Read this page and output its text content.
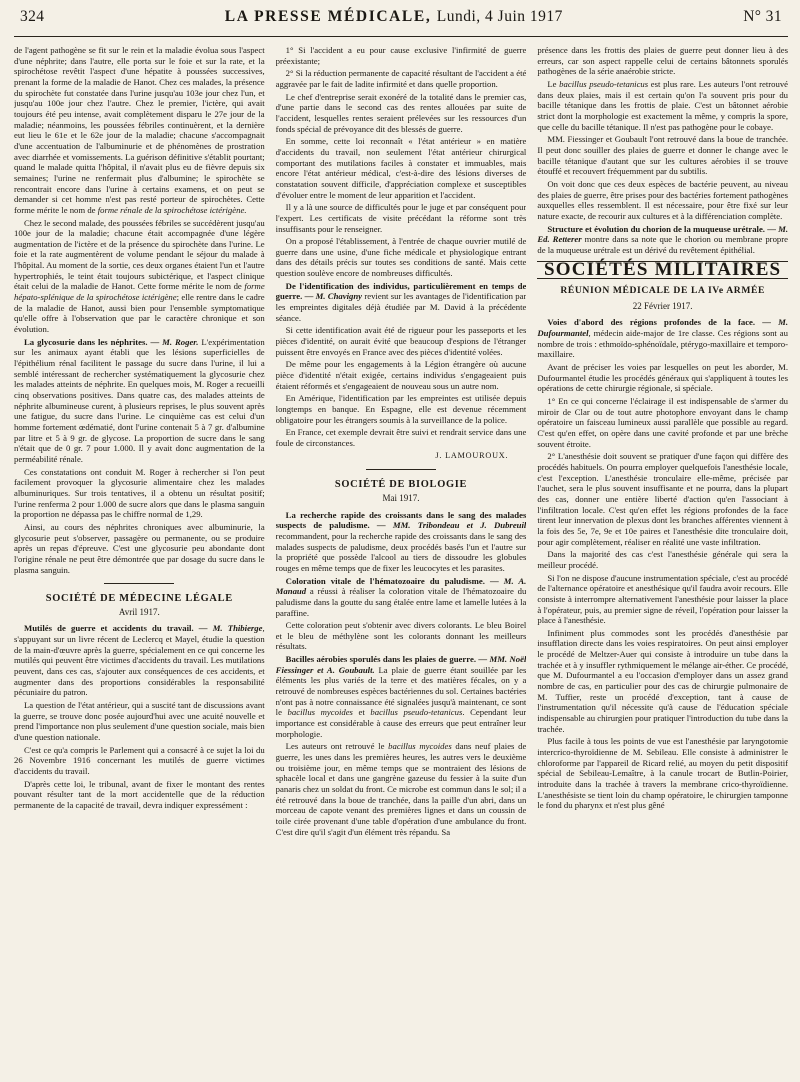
324	LA PRESSE MÉDICALE, Lundi, 4 Juin 1917	N° 31

de l'agent pathogène se fit sur le rein et la maladie évolua sous l'aspect d'une néphrite; dans l'autre, elle porta sur le foie et sur la rate, et la spirochétose revêtit l'aspect d'une hépatite à poussées successives, prenant la forme de la maladie de Hanot. Chez ces malades, la présence du spirochète fut constatée dans l'urine jusqu'au 103e jour chez l'un, et jusqu'au 100e jour chez l'autre. Chez le premier, l'ictère, qui avait toujours été peu intense, avait complètement disparu le 27e jour de la maladie; néanmoins, les poussées fébriles continuèrent, et la dernière eut lieu le 61e et le 62e jour de la maladie; chacune s'accompagnait d'une accentuation de l'albuminurie et de phénomènes de prostration avec diarrhée et vomissements. La guérison définitive s'établit pourtant; quand le malade quitta l'hôpital, il n'avait plus eu de fièvre depuis six semaines; l'urine ne renfermait plus d'albumine; le spirochète se rencontrait encore dans l'urine à certains examens, et on peut se demander si cet homme n'est pas resté porteur de spirochètes. Cette forme mérite le nom de forme rénale de la spirochétose ictérigène.

Chez le second malade, des poussées fébriles se succédèrent jusqu'au 100e jour de la maladie; chacune était accompagnée d'une légère augmentation de l'ictère et de la présence du spirochète dans l'urine. Le foie et la rate augmentèrent de volume pendant le séjour du malade à l'hôpital. Au moment de la sortie, ces deux organes étaient l'un et l'autre hypertrophiés, le teint était toujours subictérique, et l'aspect clinique était celui de la maladie de Hanot. Cette forme mérite le nom de forme hépato-splénique de la spirochétose ictérigène; elle rentre dans le cadre de la maladie de Hanot, aussi bien pour l'ensemble symptomatique qu'elle offre à l'observation que par le caractère chronique et son évolution.

La glycosurie dans les néphrites. — M. Roger. L'expérimentation sur les animaux ayant établi que les lésions superficielles de l'épithélium rénal facilitent le passage du sucre dans l'urine, il lui a semblé intéressant de rechercher systématiquement la glycosurie chez les malades atteints de néphrite. En quelques mois, M. Roger a recueilli cinq observations positives. Dans quatre cas, des malades atteints de néphrite albumineuse curent, à plusieurs reprises, le plus souvent après une fatigue, du sucre dans l'urine. Le cinquième cas est celui d'un homme fortement œdématié, dont l'urine contenait 5 à 7 gr. d'albumine par litre et 5 à 9 gr. de glycose. La proportion de sucre dans le sang n'était que de 0 gr. 7 pour 1.000. Il y avait donc augmentation de la perméabilité rénale.

Ces constatations ont conduit M. Roger à rechercher si l'on peut facilement provoquer la glycosurie alimentaire chez les malades albuminuriques. Sur trois tentatives, il a obtenu un résultat positif; l'urine renferma 2 pour 1.000 de sucre alors que dans le plasma sanguin la proportion ne dépassa pas le chiffre normal de 1,29.

Ainsi, au cours des néphrites chroniques avec albuminurie, la glycosurie peut s'observer, passagère ou permanente, ou se produire après un repas d'épreuve. C'est une glycosurie peu abondante dont l'origine rénale ne peut être démontrée que par dosage du sucre dans le plasma sanguin.

SOCIÉTÉ DE MÉDECINE LÉGALE
Avril 1917.

Mutilés de guerre et accidents du travail. — M. Thibierge, s'appuyant sur un livre récent de Leclercq et Mayel, étudie la question de la main-d'œuvre après la guerre, spécialement en ce qui concerne les mutilés qui peuvent être victimes d'accidents du travail. Les mutilations peuvent, dans ces cas, s'ajouter aux conséquences de ces accidents, et augmenter dans des proportions considérables la responsabilité pécuniaire du patron.

La question de l'état antérieur, qui a suscité tant de discussions avant la guerre, se trouve donc posée aujourd'hui avec une acuité nouvelle et prend l'importance non plus seulement d'une question sociale, mais bien d'une question nationale.

C'est ce qu'a compris le Parlement qui a consacré à ce sujet la loi du 26 Novembre 1916 concernant les mutilés de guerre victimes d'accidents du travail.

D'après cette loi, le tribunal, avant de fixer le montant des rentes pouvant résulter tant de la mort accidentelle que de la réduction permanente de la capacité de travail, devra indiquer expressément :

1° Si l'accident a eu pour cause exclusive l'infirmité de guerre préexistante;

2° Si la réduction permanente de capacité résultant de l'accident a été aggravée par le fait de ladite infirmité et dans quelle proportion.

Le chef d'entreprise serait exonéré de la totalité dans le premier cas, d'une partie dans le second cas des rentes allouées par suite de l'accident, lesquelles rentes seraient prélevées sur les ressources d'un fonds spécial de prévoyance dit des blessés de guerre.

En somme, cette loi reconnaît « l'état antérieur » en matière d'accidents du travail, non seulement l'état antérieur chirurgical comportant des mutilations faciles à constater et immuables, mais encore l'état antérieur médical, c'est-à-dire des lésions diverses de constatation souvent difficile, d'appréciation complexe et susceptibles d'évoluer entre le moment de leur apparition et l'accident.

Il y a là une source de difficultés pour le juge et par conséquent pour l'expert. Les certificats de visite précédant la réforme sont très insuffisants pour le renseigner.

On a proposé l'établissement, à l'entrée de chaque ouvrier mutilé de guerre dans une usine, d'une fiche médicale et physiologique entrant dans des détails précis sur toutes ses conditions de santé. Mais cette question soulève encore de nombreuses difficultés.

De l'identification des individus, particulièrement en temps de guerre. — M. Chavigny revient sur les avantages de l'identification par les empreintes digitales déjà étudiée par M. David à la précédente séance.

Si cette identification avait été de rigueur pour les passeports et les pièces d'identité, on aurait évité que beaucoup d'espions de l'étranger puissent être envoyés en France avec des pièces d'identité volées.

De même pour les engagements à la Légion étrangère où aucune pièce d'identité n'était exigée, certains individus s'engageaient puis étaient réformés et s'engageaient de nouveau sous un autre nom.

En Amérique, l'identification par les empreintes est utilisée depuis longtemps en banque. En Espagne, elle est devenue récemment obligatoire pour les étrangers soumis à la surveillance de la police.

En France, cet exemple devrait être suivi et rendrait service dans une foule de circonstances.

J. LAMOUROUX.
SOCIÉTÉ DE BIOLOGIE
Mai 1917.

La recherche rapide des croissants dans le sang des malades suspects de paludisme. — MM. Tribondeau et J. Dubreuil recommandent, pour la recherche rapide des croissants dans le sang des malades suspects de paludisme, deux procédés basés l'un et l'autre sur la propriété que possède l'alcool au tiers de dissoudre les globules rouges en même temps que de fixer les leucocytes et les parasites.

Coloration vitale de l'hématozoaire du paludisme. — M. A. Manaud a réussi à réaliser la coloration vitale de l'hématozoaire du paludisme dans la goutte du sang étalée entre lame et lamelle lutées à la paraffine.

Cette coloration peut s'obtenir avec divers colorants. Le bleu Boirel et le bleu de méthylène sont les colorants donnant les meilleurs résultats.

Bacilles aérobies sporulés dans les plaies de guerre. — MM. Noël Fiessinger et A. Goubault. La plaie de guerre étant souillée par les éléments les plus variés de la terre et des matières fécales, on y a retrouvé de nombreuses espèces bactériennes du sol. Certaines bactéries n'ont pas à notre connaissance été signalées jusqu'à maintenant, ce sont le bacillus mycoides et bacillus pseudo-tetanicus. Cependant leur importance est considérable à cause des erreurs que peut entraîner leur morphologie.

Les auteurs ont retrouvé le bacillus mycoides dans neuf plaies de guerre, les unes dans les premières heures, les autres vers le deuxième ou troisième jour, en même temps que se montraient des lésions de sphacèle local et dans une gangrène gazeuse du fessier à la suite d'un panaris chez un soldat du front. Ce microbe est commun dans le sol; il a été retrouvé dans la boue de tranchée, dans la paille d'un abri, dans un morceau de capote venant des premières lignes et dans un coussin de toile cirée provenant d'une table d'opération d'une ambulance du front. C'est dire qu'il s'agit d'un élément très répandu. Sa

présence dans les frottis des plaies de guerre peut donner lieu à des erreurs, car son aspect rappelle celui de certains bâtonnets sporulés pathogènes de la série anaérobie stricte.

Le bacillus pseudo-tetanicus est plus rare. Les auteurs l'ont retrouvé dans deux plaies, mais il est certain qu'on l'a souvent pris pour du bacille tétanique dans les frottis de plaie. C'est un bâtonnet aérobie strict dont la morphologie est exactement la même, y compris la spore, que celle du bacille tétanique. Il n'est pas pathogène pour le cobaye.

MM. Fiessinger et Goubault l'ont retrouvé dans la boue de tranchée. Il peut donc souiller des plaies de guerre et donner le change avec le bacille tétanique d'autant que sur les cultures aérobies il se trouve étouffé et recouvert fréquemment par du subtilis.

On voit donc que ces deux espèces de bactérie peuvent, au niveau des plaies de guerre, être prises pour des bactéries fortement pathogènes auxquelles elles ressemblent. Il est nécessaire, pour être fixé sur leur nature exacte, de recourir aux cultures et à la différenciation complète.

Structure et évolution du chorion de la muqueuse urétrale. — M. Ed. Retterer montre dans sa note que le chorion ou membrane propre de la muqueuse urétrale est un dérivé du revêtement épithélial.

SOCIÉTÉS MILITAIRES
RÉUNION MÉDICALE DE LA IVe ARMÉE
22 Février 1917.

Voies d'abord des régions profondes de la face. — M. Dufourmantel, médecin aide-major de 1re classe. Ces régions sont au nombre de trois : ethmoïdo-sphénoïdale, ptérygo-maxillaire et temporo-maxillaire.

Avant de préciser les voies par lesquelles on peut les aborder, M. Dufourmantel étudie les procédés généraux qui s'appliquent à toutes les opérations de cette chirurgie régionale, si spéciale.

1° En ce qui concerne l'éclairage il est indispensable de s'armer du miroir de Clar ou de tout autre photophore envoyant dans le champ opératoire un faisceau lumineux aussi parallèle que possible au regard. C'est qu'en effet, on opère dans une cavité profonde et par une brèche souvent étroite.

2° L'anesthésie doit souvent se pratiquer d'une façon qui diffère des procédés habituels. On pourra employer quelquefois l'anesthésie locale, c'est l'exception. L'anesthésie tronculaire elle-même, précisée par l'auchet, sera le plus souvent insuffisante et ne pourra, dans la plupart des cas, donner une entière liberté d'action qu'en l'associant à l'infiltration locale. C'est qu'en effet les régions profondes de la face tirent leur innervation de plexus dont les branches afférentes viennent à la fois des 5e, 7e, 9e et 10e paires et l'anesthésie dite tronculaire doit, pour agir complètement, réaliser en réalité une vaste infiltration.

Dans la majorité des cas c'est l'anesthésie générale qui sera la meilleur procédé.

Si l'on ne dispose d'aucune instrumentation spéciale, c'est au procédé de l'alternance opératoire et anesthésique qu'il faudra avoir recours. Elle consiste à interrompre alternativement l'anesthésie pour laisser la place à l'opérateur, puis, au premier signe de réveil, l'opération pour laisser la place à l'anesthésie.

Infiniment plus commodes sont les procédés d'anesthésie par insufflation directe dans les voies respiratoires. On peut ainsi employer le procédé de Meltzer-Auer qui consiste à introduire un tube dans la trachée et à y insuffler rythmiquement le mélange air-éther. Ce procédé, que M. Dufourmantel a eu l'occasion d'employer dans un assez grand nombre de cas, en particulier pour des cas de chirurgie pulmonaire de M. Tuffier, reste un procédé d'exception, tant à cause de l'instrumentation qu'il nécessite qu'à cause de l'éducation spéciale indispensable au chirurgien pour pratiquer l'introduction du tube dans la trachée.

Plus facile à tous les points de vue est l'anesthésie par laryngotomie intercrico-thyroïdienne de M. Sebileau. Elle consiste à administrer le chloroforme par l'appareil de Ricard relié, au moyen du petit dispositif spécial de Sebileau-Lemaître, à la canule trocart de Butlin-Poirier, introduite dans la trachée à travers la membrane crico-thyroïdienne. L'anesthésiste se tient loin du champ opératoire, le chirurgien tamponne le fond du pharynx et n'est plus gêné
